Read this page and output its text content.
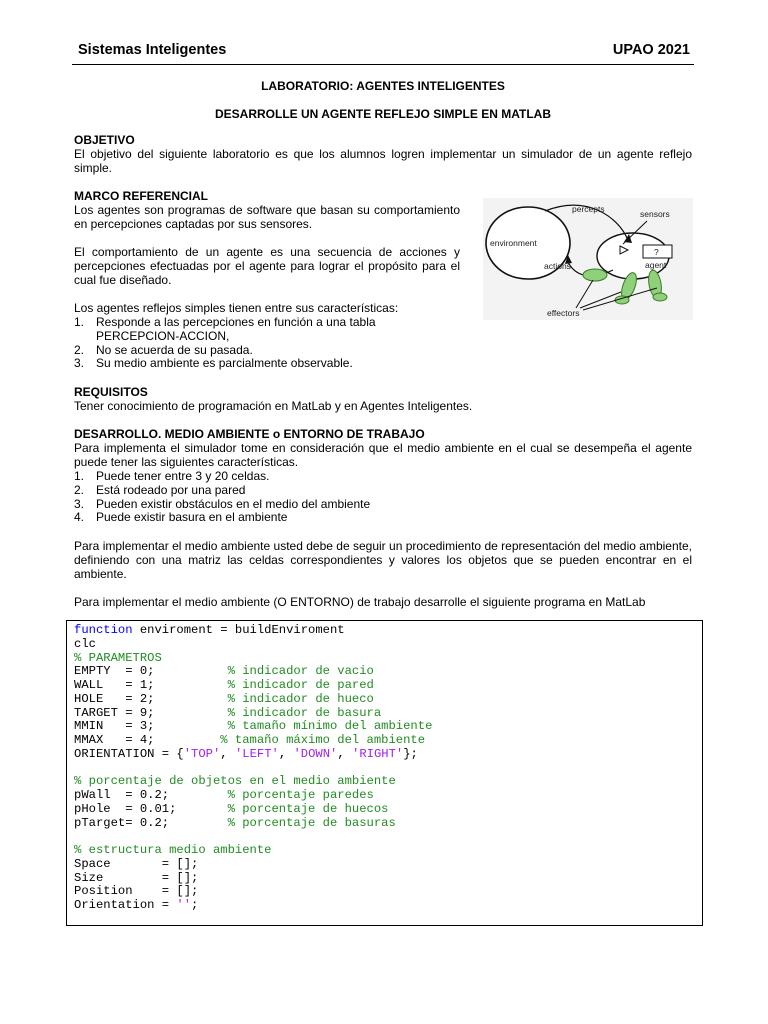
Sistemas Inteligentes	UPAO 2021
LABORATORIO: AGENTES INTELIGENTES
DESARROLLE UN AGENTE REFLEJO SIMPLE EN MATLAB
OBJETIVO
El objetivo del siguiente laboratorio es que los alumnos logren implementar un simulador de un agente reflejo simple.
MARCO REFERENCIAL
Los agentes son programas de software que basan su comportamiento en percepciones captadas por sus sensores.
El comportamiento de un agente es una secuencia de acciones y percepciones efectuadas por el agente para lograr el propósito para el cual fue diseñado.
Los agentes reflejos simples tienen entre sus características:
1. Responde a las percepciones en función a una tabla PERCEPCION-ACCION,
2. No se acuerda de su pasada.
3. Su medio ambiente es parcialmente observable.
environment
percepts	sensors
?
agent
actions
effectors
REQUISITOS
Tener conocimiento de programación en MatLab y en Agentes Inteligentes.
DESARROLLO. MEDIO AMBIENTE o ENTORNO DE TRABAJO
Para implementa el simulador tome en consideración que el medio ambiente en el cual se desempeña el agente puede tener las siguientes características.
1. Puede tener entre 3 y 20 celdas.
2. Está rodeado por una pared
3. Pueden existir obstáculos en el medio del ambiente
4. Puede existir basura en el ambiente
Para implementar el medio ambiente usted debe de seguir un procedimiento de representación del medio ambiente, definiendo con una matriz las celdas correspondientes y valores los objetos que se pueden encontrar en el ambiente.
Para implementar el medio ambiente (O ENTORNO) de trabajo desarrolle el siguiente programa en MatLab
function enviroment = buildEnviroment
clc
% PARAMETROS
EMPTY  = 0;          % indicador de vacio
WALL   = 1;          % indicador de pared
HOLE   = 2;          % indicador de hueco
TARGET = 9;          % indicador de basura
MMIN   = 3;          % tamaño mínimo del ambiente
MMAX   = 4;         % tamaño máximo del ambiente
ORIENTATION = {'TOP', 'LEFT', 'DOWN', 'RIGHT'};
% porcentaje de objetos en el medio ambiente
pWall  = 0.2;        % porcentaje paredes
pHole  = 0.01;       % porcentaje de huecos
pTarget= 0.2;        % porcentaje de basuras
% estructura medio ambiente
Space       = [];
Size        = [];
Position    = [];
Orientation = '';
